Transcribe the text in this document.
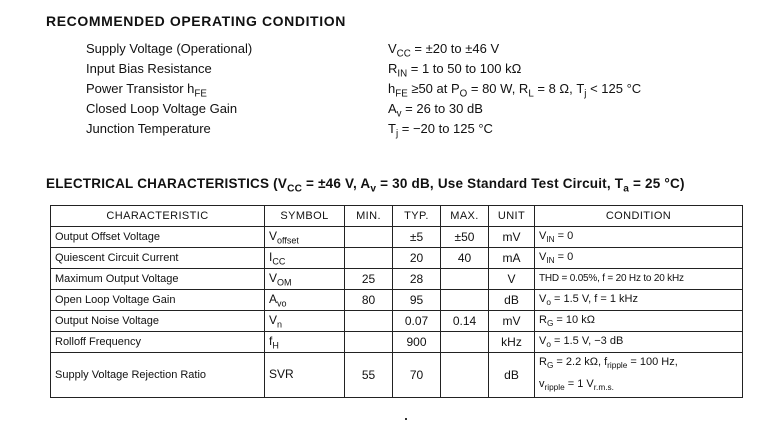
RECOMMENDED OPERATING CONDITION
Supply Voltage (Operational)	$V_{CC} = \pm 20$ to ±46 V
Input Bias Resistance	$R_{IN} = 1$ to 50 to 100 kΩ
Power Transistor $h_{FE}$	$h_{FE} \ge 50$ at $P_O = 80$ W, $R_L = 8$ Ω, $T_j < 125$ °C
Closed Loop Voltage Gain	$A_v = 26$ to 30 dB
Junction Temperature	$T_j = -20$ to 125 °C
ELECTRICAL CHARACTERISTICS ($V_{CC} = \pm 46$ V, $A_v = 30$ dB, Use Standard Test Circuit, $T_a = 25$ °C)
CHARACTERISTIC	SYMBOL	MIN.	TYP.	MAX.	UNIT	CONDITION
Output Offset Voltage	$V_{offset}$		±5	±50	mV	$V_{IN} = 0$
Quiescent Circuit Current	$I_{CC}$		20	40	mA	$V_{IN} = 0$
Maximum Output Voltage	$V_{OM}$	25	28		V	THD = 0.05%, f = 20 Hz to 20 kHz
Open Loop Voltage Gain	$A_{vo}$	80	95		dB	$V_o = 1.5$ V, f = 1 kHz
Output Noise Voltage	$V_n$		0.07	0.14	mV	$R_G = 10$ kΩ
Rolloff Frequency	$f_H$		900		kHz	$V_o = 1.5$ V, −3 dB
Supply Voltage Rejection Ratio	SVR	55	70		dB	$R_G = 2.2$ kΩ, $f_{ripple} = 100$ Hz,
$v_{ripple} = 1$ $V_{r.m.s.}$
